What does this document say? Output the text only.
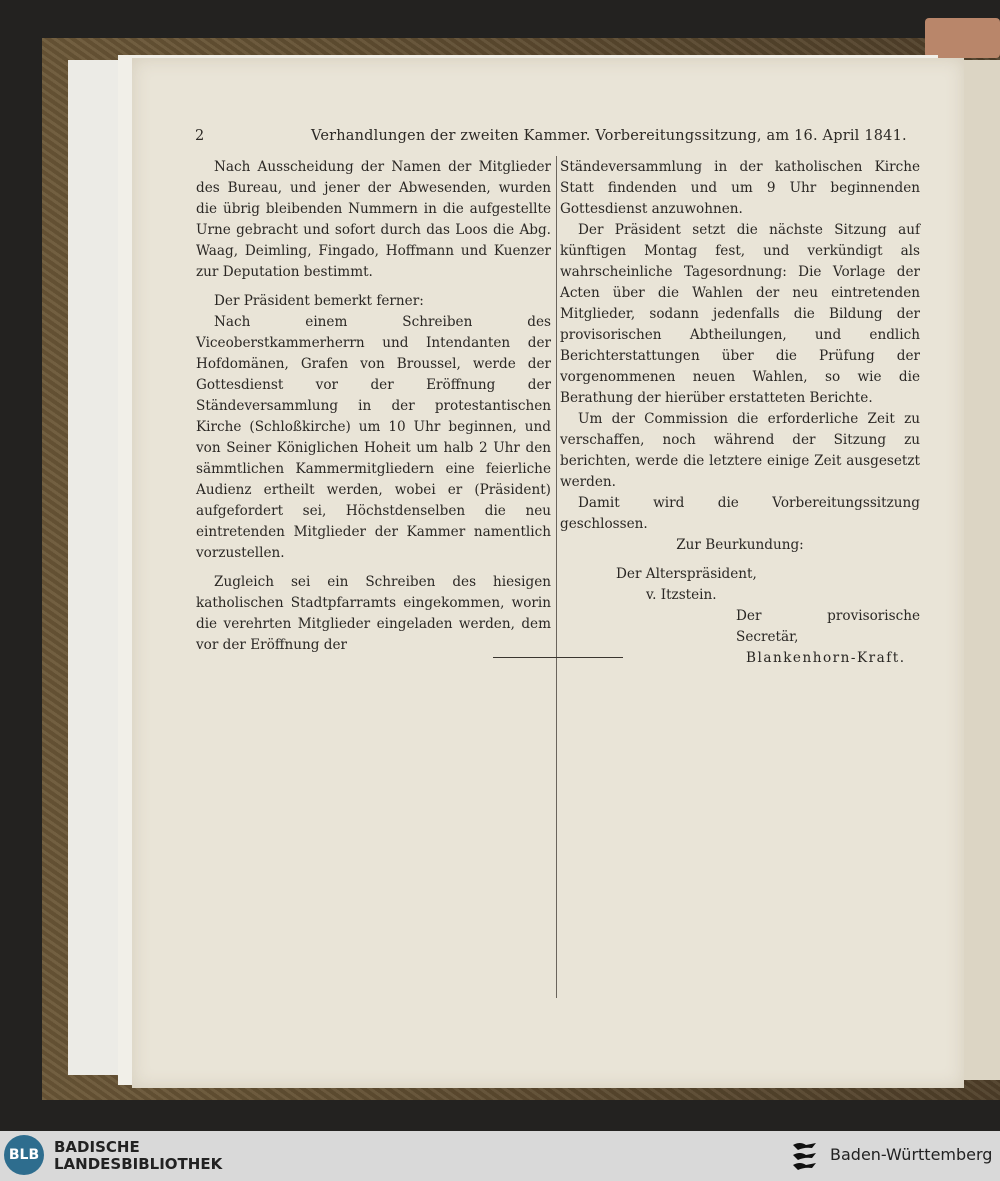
2	Verhandlungen der zweiten Kammer. Vorbereitungssitzung, am 16. April 1841.

Nach Ausscheidung der Namen der Mitglieder des Bureau, und jener der Abwesenden, wurden die übrig bleibenden Nummern in die aufgestellte Urne gebracht und sofort durch das Loos die Abg. Waag, Deimling, Fingado, Hoffmann und Kuenzer zur Deputation bestimmt.

Der Präsident bemerkt ferner:

Nach einem Schreiben des Viceoberstkammerherrn und Intendanten der Hofdomänen, Grafen von Broussel, werde der Gottesdienst vor der Eröffnung der Ständeversammlung in der protestantischen Kirche (Schloßkirche) um 10 Uhr beginnen, und von Seiner Königlichen Hoheit um halb 2 Uhr den sämmtlichen Kammermitgliedern eine feierliche Audienz ertheilt werden, wobei er (Präsident) aufgefordert sei, Höchstdenselben die neu eintretenden Mitglieder der Kammer namentlich vorzustellen.

Zugleich sei ein Schreiben des hiesigen katholischen Stadtpfarramts eingekommen, worin die verehrten Mitglieder eingeladen werden, dem vor der Eröffnung der

Ständeversammlung in der katholischen Kirche Statt findenden und um 9 Uhr beginnenden Gottesdienst anzuwohnen.

Der Präsident setzt die nächste Sitzung auf künftigen Montag fest, und verkündigt als wahrscheinliche Tagesordnung: Die Vorlage der Acten über die Wahlen der neu eintretenden Mitglieder, sodann jedenfalls die Bildung der provisorischen Abtheilungen, und endlich Berichterstattungen über die Prüfung der vorgenommenen neuen Wahlen, so wie die Berathung der hierüber erstatteten Berichte.

Um der Commission die erforderliche Zeit zu verschaffen, noch während der Sitzung zu berichten, werde die letztere einige Zeit ausgesetzt werden.

Damit wird die Vorbereitungssitzung geschlossen.

Zur Beurkundung:

Der Alterspräsident,

v. Itzstein.

Der provisorische Secretär,

Blankenhorn-Kraft.

BLB BADISCHE
LANDESBIBLIOTHEK	Baden-Württemberg
